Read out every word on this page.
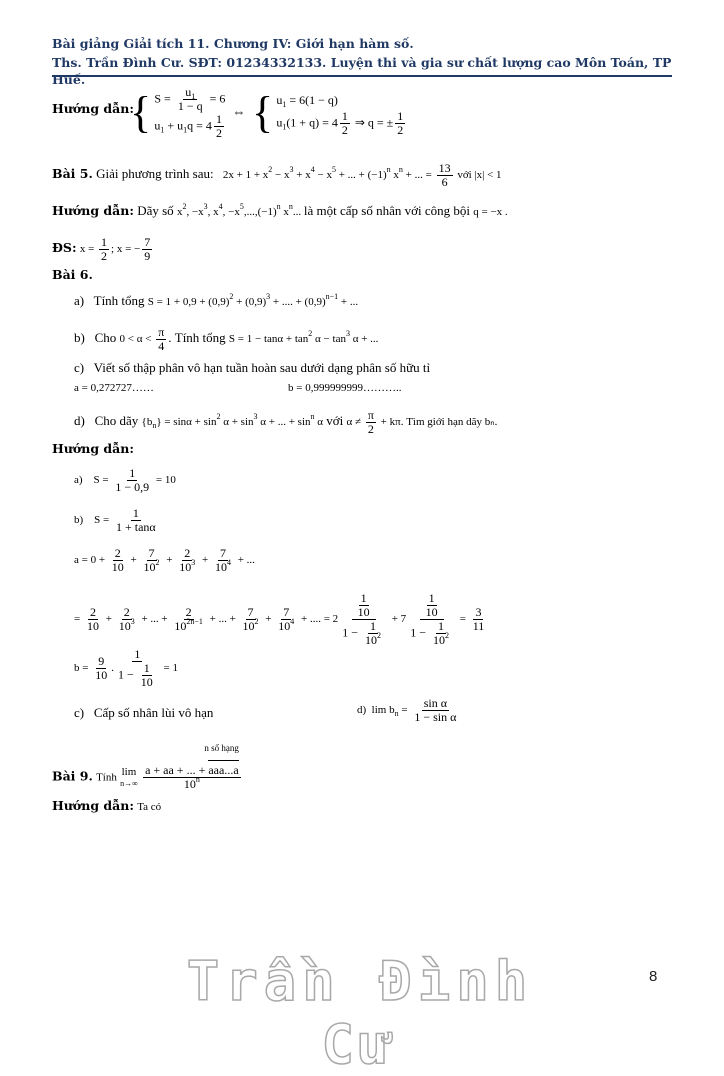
Bài giảng Giải tích 11. Chương IV: Giới hạn hàm số.
Ths. Trần Đình Cư. SĐT: 01234332133. Luyện thi và gia sư chất lượng cao Môn Toán, TP Huế.
Hướng dẫn:
{ $S = \frac{u_1}{1 - q} = 6$
$u_1 + u_1q = 4 \frac{1}{2}$
⇔  { $u_1 = 6(1 - q)$
$u_1(1 + q) = 4 \frac{1}{2}$ ⇒ q = ± $\frac{1}{2}$
Bài 5. Giải phương trình sau: $2x + 1 + x^2 - x^3 + x^4 - x^5$ + ... + $(-1)^n$ $x^n$ + ... = $\frac{13}{6}$ với |x| < 1
Hướng dẫn: Dãy số $x^2$, $-x^3$, $x^4$, $-x^5,...,(-1)^n$ $x^n$... là một cấp số nhân với công bội q = −x .
ĐS: $x = \frac{1}{2}$ ; x = − $\frac{7}{9}$
Bài 6.
a)   Tính tổng $S = 1 + 0,9 + (0,9)^2 + (0,9)^3$ + .... + $(0,9)^{n-1}$ + ...
b)   Cho $0 < \alpha < \frac{\pi}{4}$ . Tính tổng $S = 1 - \tan\alpha + \tan^2 \alpha - \tan^3 \alpha$ + ...
c)   Viết số thập phân vô hạn tuần hoàn sau dưới dạng phân số hữu tỉ
a = 0,272727……	b = 0,999999999………..
d)   Cho dãy $\{b_n\} = \sin\alpha + \sin^2 \alpha + \sin^3 \alpha$ + ... + $\sin^n \alpha$ với $\alpha \ne \frac{\pi}{2} + k\pi$. Tìm giới hạn dãy bₙ.
Hướng dẫn:
a)    $S = \frac{1}{1 - 0,9} = 10$
b)    $S = \frac{1}{1 + \tan\alpha}$
$a = 0 + \frac{2}{10} + \frac{7}{10^2} + \frac{2}{10^3} + \frac{7}{10^4}$ + ...
= $\frac{2}{10} + \frac{2}{10^3}$ + ... + $\frac{2}{10^{2n-1}}$ + ... + $\frac{7}{10^2} + \frac{7}{10^4}$ + .... = $2 \frac{\frac{1}{10}}{1 - \frac{1}{10^2}} + 7 \frac{\frac{1}{10}}{1 - \frac{1}{10^2}} = \frac{3}{11}$
$b = \frac{9}{10}$ . $\frac{1}{1 - \frac{1}{10}} = 1$
c)   Cấp số nhân lùi vô hạn	d)  $\lim b_n = \frac{\text{sin α}}{\text{1 − sin α}}$
Bài 9. Tính lim
n→∞
a + aa + ... +
n số hạng
aaa...a
10$^n$
Hướng dẫn: Ta có
Trần Đình Cư
8
